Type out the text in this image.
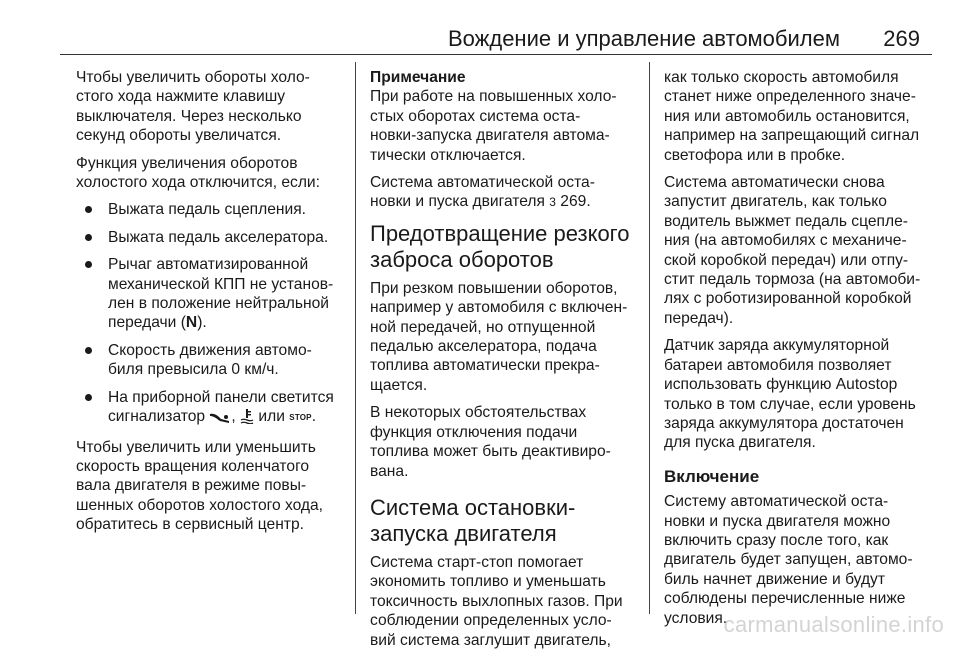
Вождение и управление автомобилем 269
Чтобы увеличить обороты холо-
стого хода нажмите клавишу
выключателя. Через несколько
секунд обороты увеличатся.
Функция увеличения оборотов
холостого хода отключится, если:
Выжата педаль сцепления.
Выжата педаль акселератора.
Рычаг автоматизированной
механической КПП не установ-
лен в положение нейтральной
передачи (N).
Скорость движения автомо-
биля превысила 0 км/ч.
На приборной панели светится
сигнализатор ,  или STOP.
Чтобы увеличить или уменьшить
скорость вращения коленчатого
вала двигателя в режиме повы-
шенных оборотов холостого хода,
обратитесь в сервисный центр.
Примечание
При работе на повышенных холо-
стых оборотах система оста-
новки-запуска двигателя автома-
тически отключается.
Система автоматической оста-
новки и пуска двигателя 3 269.
Предотвращение резкого
заброса оборотов
При резком повышении оборотов,
например у автомобиля с включен-
ной передачей, но отпущенной
педалью акселератора, подача
топлива автоматически прекра-
щается.
В некоторых обстоятельствах
функция отключения подачи
топлива может быть деактивиро-
вана.
Система остановки-
запуска двигателя
Система старт-стоп помогает
экономить топливо и уменьшать
токсичность выхлопных газов. При
соблюдении определенных усло-
вий система заглушит двигатель,
как только скорость автомобиля
станет ниже определенного значе-
ния или автомобиль остановится,
например на запрещающий сигнал
светофора или в пробке.
Система автоматически снова
запустит двигатель, как только
водитель выжмет педаль сцепле-
ния (на автомобилях с механиче-
ской коробкой передач) или отпу-
стит педаль тормоза (на автомоби-
лях с роботизированной коробкой
передач).
Датчик заряда аккумуляторной
батареи автомобиля позволяет
использовать функцию Autostop
только в том случае, если уровень
заряда аккумулятора достаточен
для пуска двигателя.
Включение
Систему автоматической оста-
новки и пуска двигателя можно
включить сразу после того, как
двигатель будет запущен, автомо-
биль начнет движение и будут
соблюдены перечисленные ниже
условия.
carmanualsonline.info
